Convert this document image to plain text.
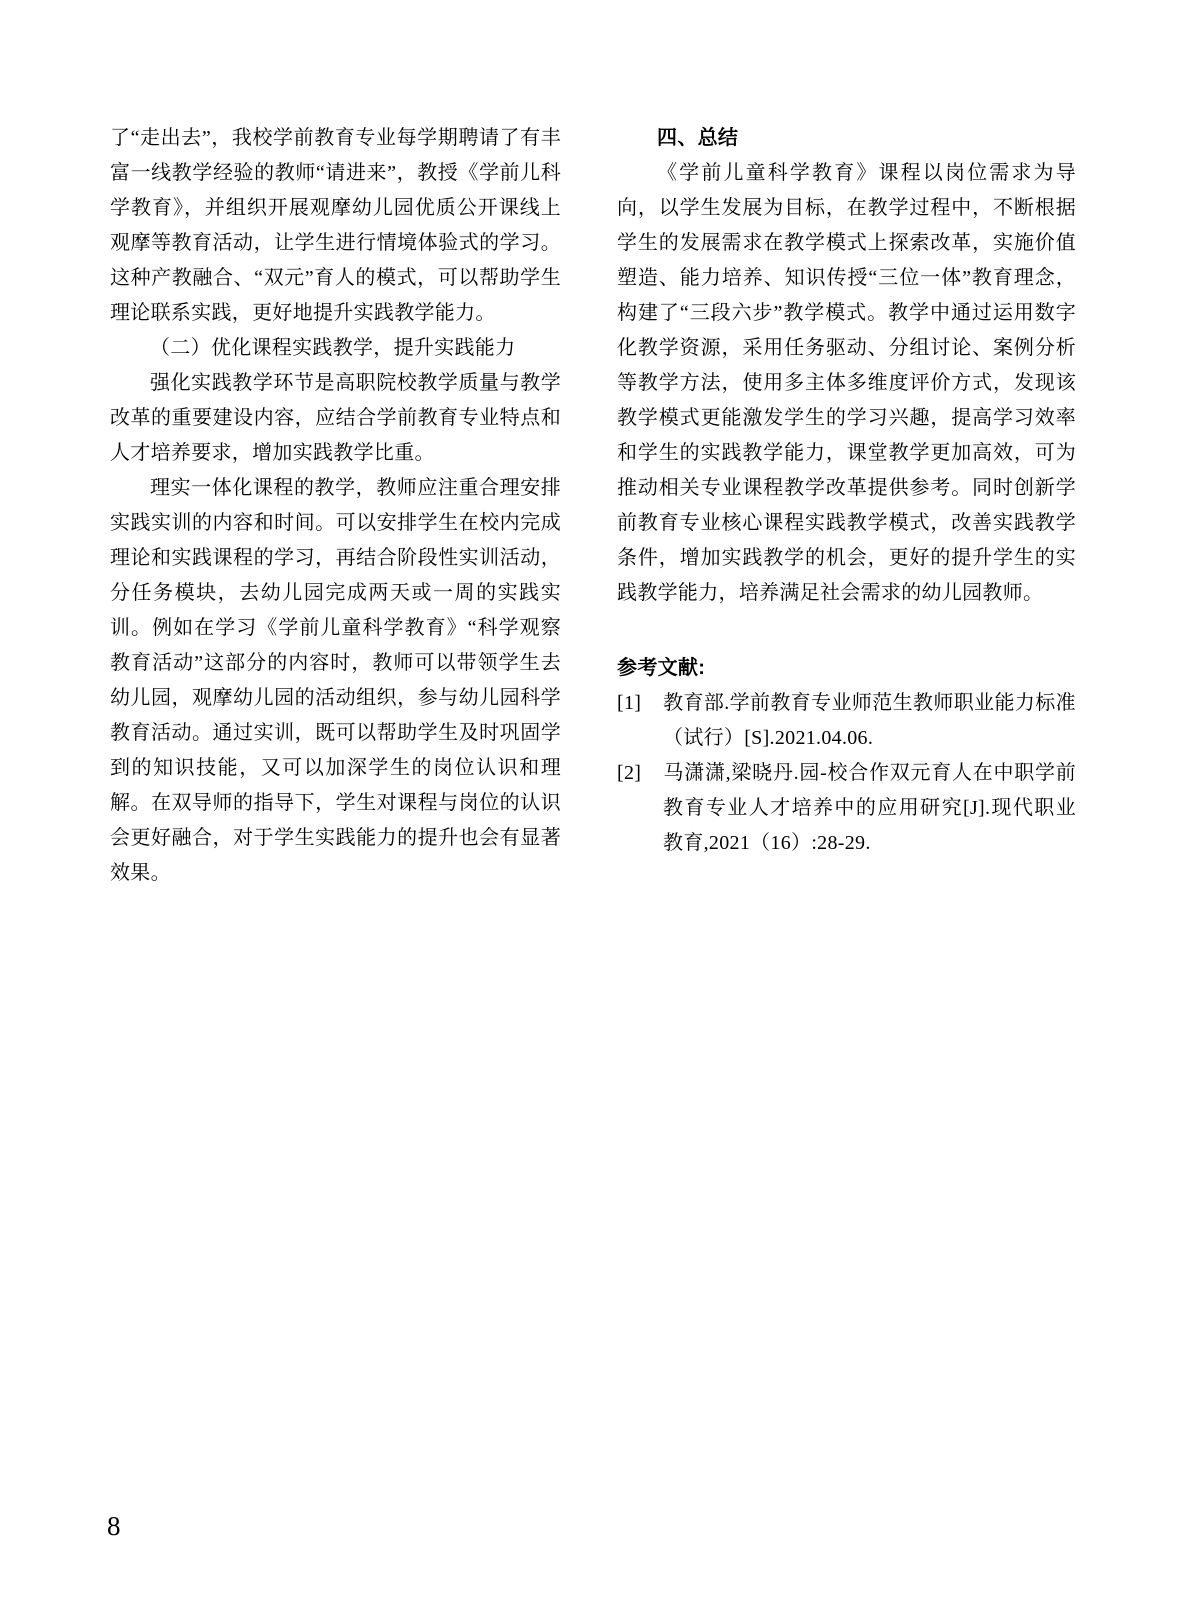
了“走出去”，我校学前教育专业每学期聘请了有丰富一线教学经验的教师“请进来”，教授《学前儿科学教育》，并组织开展观摩幼儿园优质公开课线上观摩等教育活动，让学生进行情境体验式的学习。这种产教融合、“双元”育人的模式，可以帮助学生理论联系实践，更好地提升实践教学能力。

（二）优化课程实践教学，提升实践能力

强化实践教学环节是高职院校教学质量与教学改革的重要建设内容，应结合学前教育专业特点和人才培养要求，增加实践教学比重。

理实一体化课程的教学，教师应注重合理安排实践实训的内容和时间。可以安排学生在校内完成理论和实践课程的学习，再结合阶段性实训活动，分任务模块，去幼儿园完成两天或一周的实践实训。例如在学习《学前儿童科学教育》“科学观察教育活动”这部分的内容时，教师可以带领学生去幼儿园，观摩幼儿园的活动组织，参与幼儿园科学教育活动。通过实训，既可以帮助学生及时巩固学到的知识技能，又可以加深学生的岗位认识和理解。在双导师的指导下，学生对课程与岗位的认识会更好融合，对于学生实践能力的提升也会有显著效果。

四、总结

《学前儿童科学教育》课程以岗位需求为导向，以学生发展为目标，在教学过程中，不断根据学生的发展需求在教学模式上探索改革，实施价值塑造、能力培养、知识传授“三位一体”教育理念，构建了“三段六步”教学模式。教学中通过运用数字化教学资源，采用任务驱动、分组讨论、案例分析等教学方法，使用多主体多维度评价方式，发现该教学模式更能激发学生的学习兴趣，提高学习效率和学生的实践教学能力，课堂教学更加高效，可为推动相关专业课程教学改革提供参考。同时创新学前教育专业核心课程实践教学模式，改善实践教学条件，增加实践教学的机会，更好的提升学生的实践教学能力，培养满足社会需求的幼儿园教师。

参考文献:

[1] 教育部.学前教育专业师范生教师职业能力标准（试行）[S].2021.04.06.
[2] 马潇潇,梁晓丹.园-校合作双元育人在中职学前教育专业人才培养中的应用研究[J].现代职业教育,2021（16）:28-29.
8
